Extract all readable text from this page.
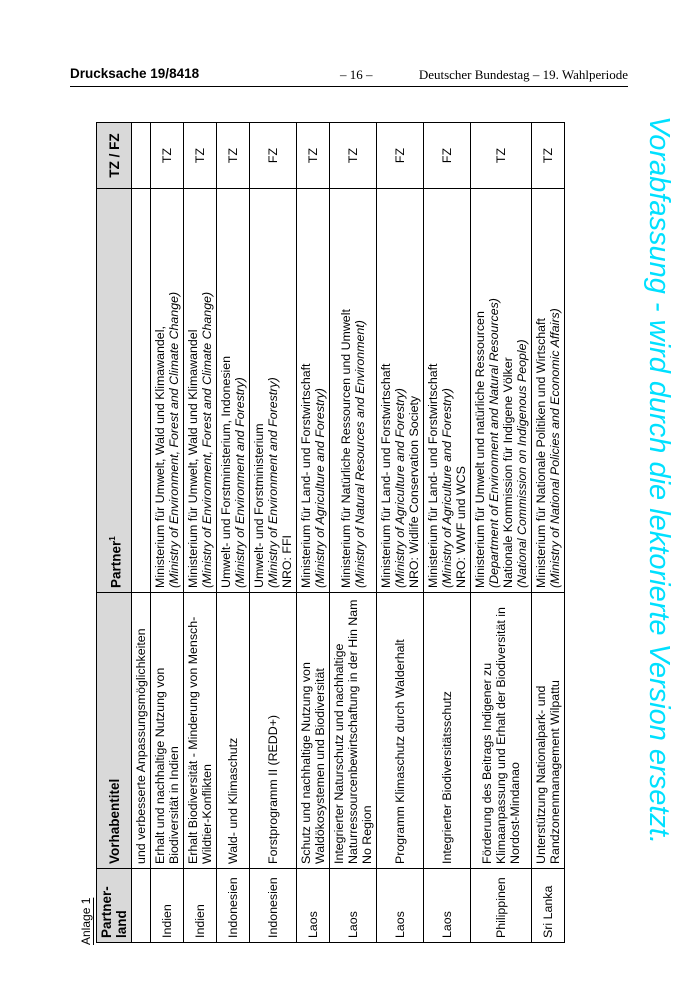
Drucksache 19/8418	– 16 –	Deutscher Bundestag – 19. Wahlperiode
Vorabfassung - wird durch die lektorierte Version ersetzt.
Anlage 1 Partner-land	Vorhabentitel	Partner$^1$	TZ / FZ
	und verbesserte Anpassungsmöglichkeiten		
Indien	Erhalt und nachhaltige Nutzung von Biodiversität in Indien	Ministerium für Umwelt, Wald und Klimawandel, (Ministry of Environment, Forest and Climate Change)	TZ
Indien	Erhalt Biodiversität - Minderung von Mensch-Wildtier-Konflikten	Ministerium für Umwelt, Wald und Klimawandel (Ministry of Environment, Forest and Climate Change)	TZ
Indonesien	Wald- und Klimaschutz	Umwelt- und Forstministerium, Indonesien (Ministry of Environment and Forestry)	TZ
Indonesien	Forstprogramm II (REDD+)	Umwelt- und Forstministerium (Ministry of Environment and Forestry) NRO: FFI	FZ
Laos	Schutz und nachhaltige Nutzung von Waldökosystemen und Biodiversität	Ministerium für Land- und Forstwirtschaft (Ministry of Agriculture and Forestry)	TZ
Laos	Integrierter Naturschutz und nachhaltige Naturressourcenbewirtschaftung in der Hin Nam No Region	Ministerium für Natürliche Ressourcen und Umwelt (Ministry of Natural Resources and Environment)	TZ
Laos	Programm Klimaschutz durch Walderhalt	Ministerium für Land- und Forstwirtschaft (Ministry of Agriculture and Forestry) NRO: Widlife Conservation Society	FZ
Laos	Integrierter Biodiversitätsschutz	Ministerium für Land- und Forstwirtschaft (Ministry of Agriculture and Forestry) NRO: WWF und WCS	FZ
Philippinen	Förderung des Beitrags Indigener zu Klimaanpassung und Erhalt der Biodiversität in Nordost-Mindanao	Ministerium für Umwelt und natürliche Ressourcen (Department of Environment and Natural Resources) Nationale Kommission für Indigene Völker (National Commission on Indigenous People)	TZ
Sri Lanka	Unterstützung Nationalpark- und Randzonenmanagement Wilpattu	Ministerium für Nationale Politiken und Wirtschaft (Ministry of National Policies and Economic Affairs)	TZ
